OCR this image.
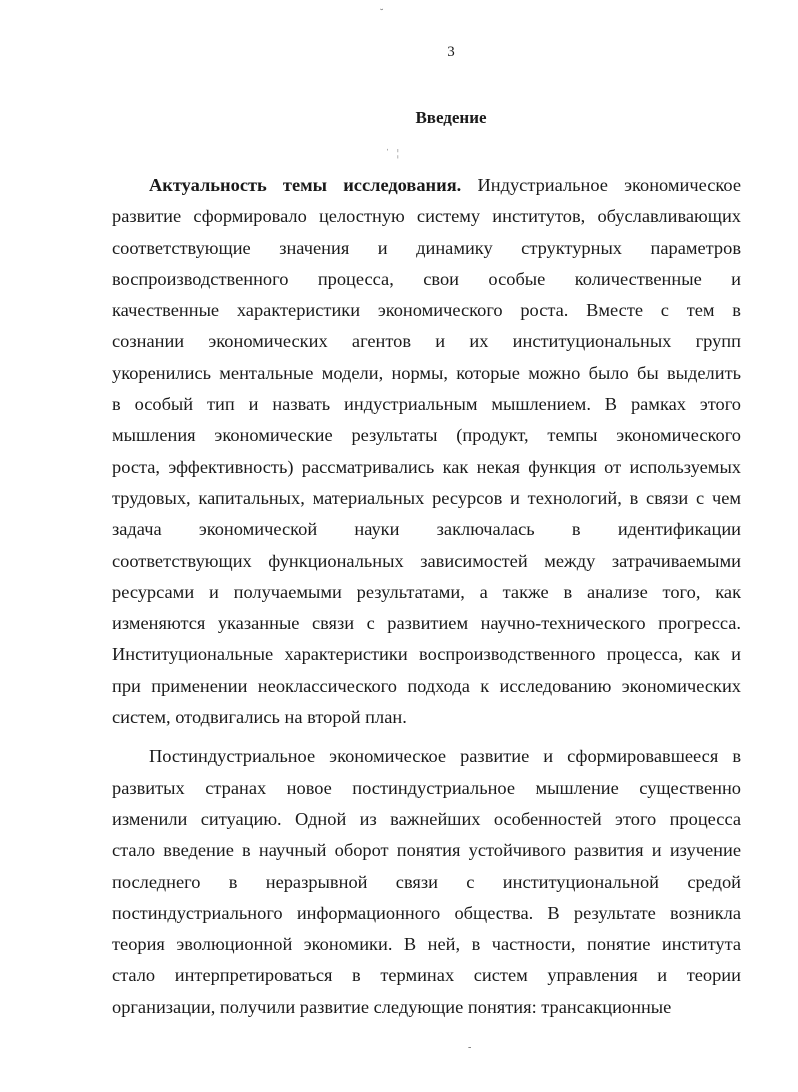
˘
3
Введение
ˈ   ¦
Актуальность темы исследования. Индустриальное экономическое
развитие сформировало целостную систему институтов, обуславливающих
соответствующие значения и динамику структурных параметров
воспроизводственного процесса, свои особые количественные и
качественные характеристики экономического роста. Вместе с тем в
сознании экономических агентов и их институциональных групп
укоренились ментальные модели, нормы, которые можно было бы выделить
в особый тип и назвать индустриальным мышлением. В рамках этого
мышления экономические результаты (продукт, темпы экономического
роста, эффективность) рассматривались как некая функция от используемых
трудовых, капитальных, материальных ресурсов и технологий, в связи с чем
задача экономической науки заключалась в идентификации
соответствующих функциональных зависимостей между затрачиваемыми
ресурсами и получаемыми результатами, а также в анализе того, как
изменяются указанные связи с развитием научно-технического прогресса.
Институциональные характеристики воспроизводственного процесса, как и
при применении неоклассического подхода к исследованию экономических
систем, отодвигались на второй план.
Постиндустриальное экономическое развитие и сформировавшееся в
развитых странах новое постиндустриальное мышление существенно
изменили ситуацию. Одной из важнейших особенностей этого процесса
стало введение в научный оборот понятия устойчивого развития и изучение
последнего в неразрывной связи с институциональной средой
постиндустриального информационного общества. В результате возникла
теория эволюционной экономики. В ней, в частности, понятие института
стало интерпретироваться в терминах систем управления и теории
организации, получили развитие следующие понятия: трансакционные
-
